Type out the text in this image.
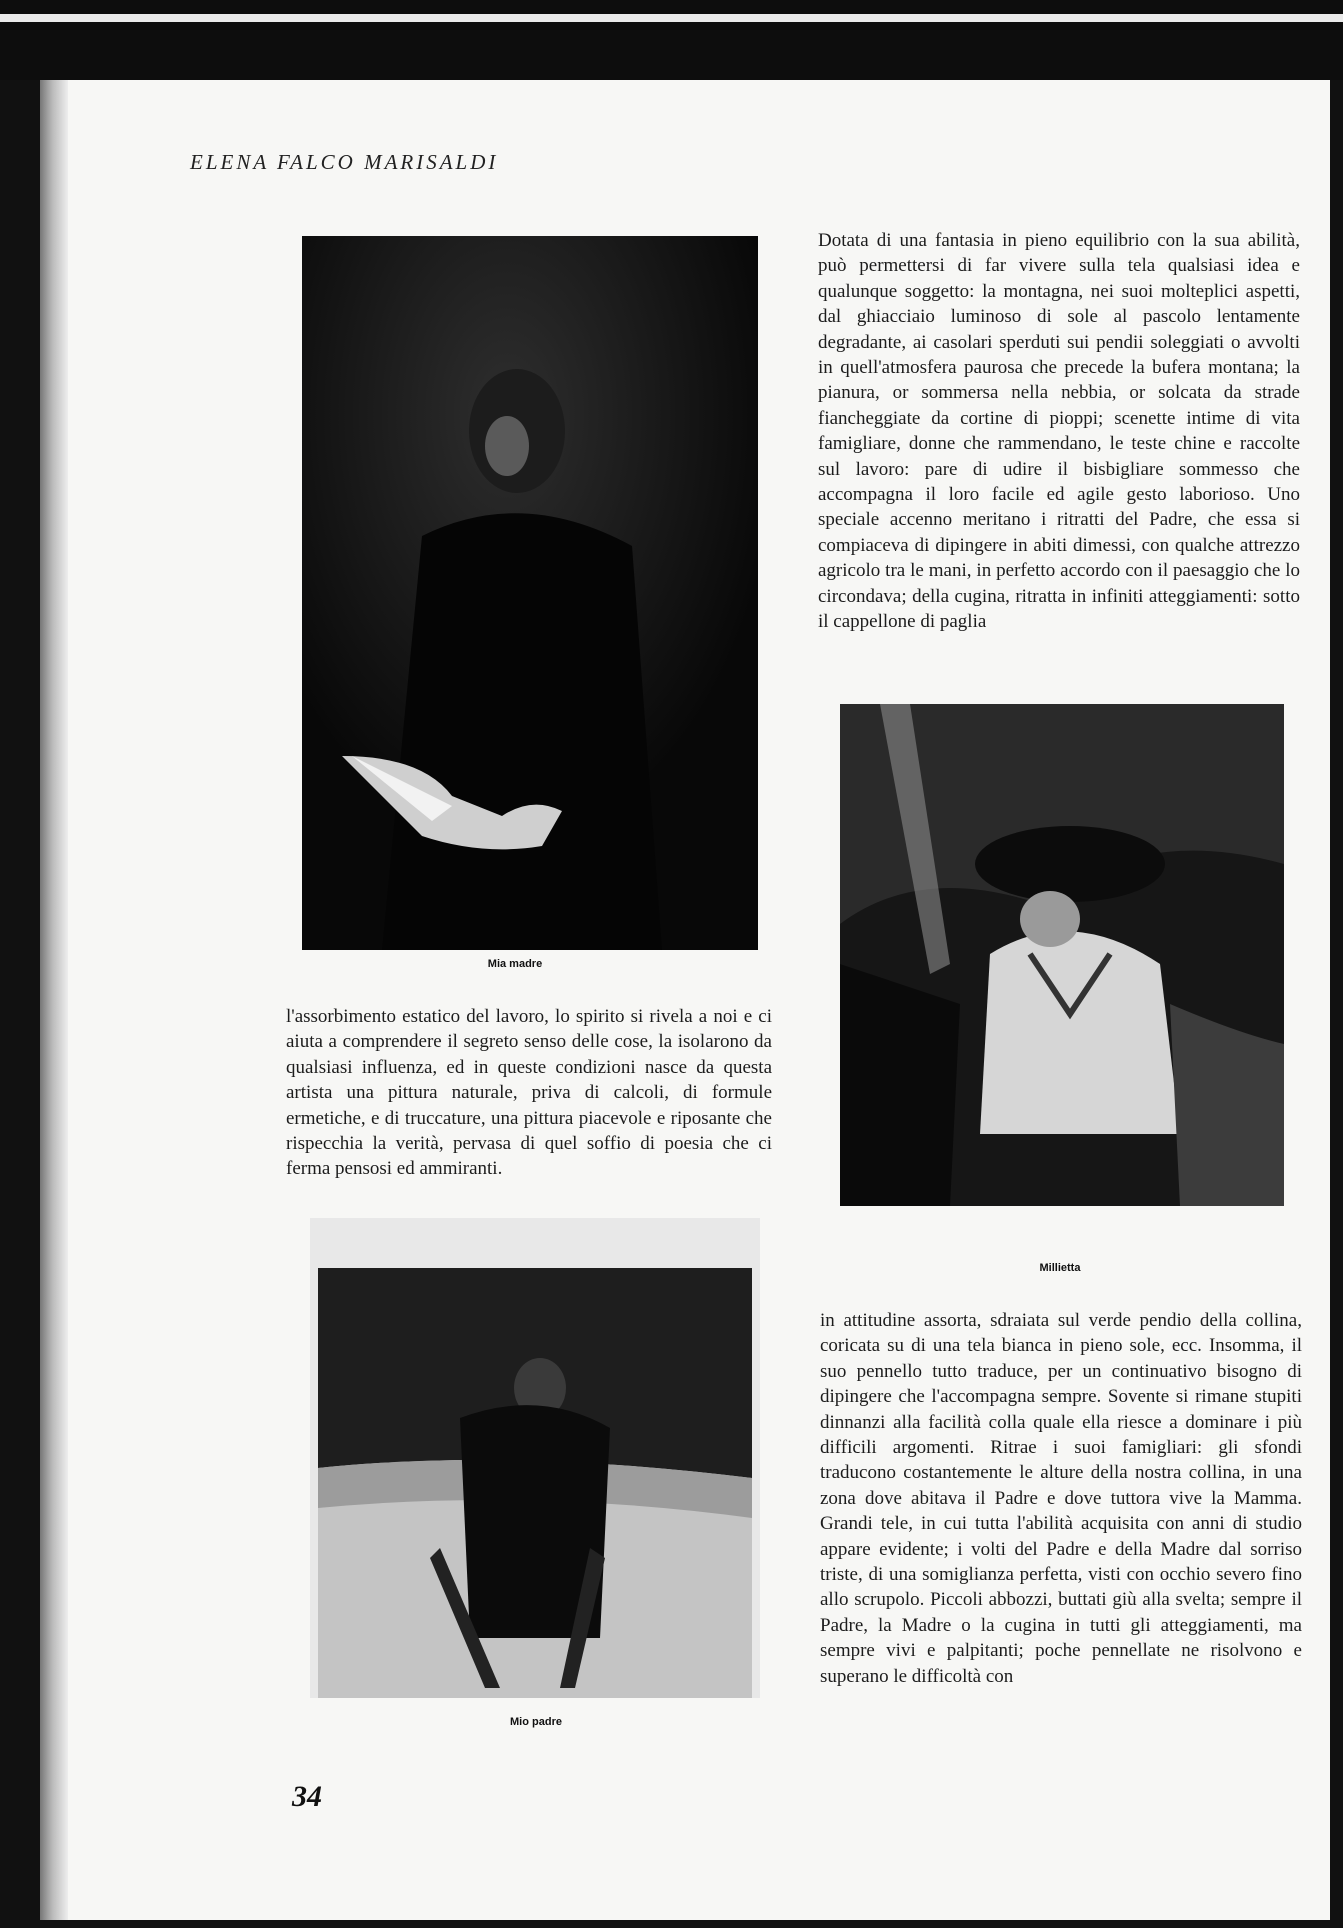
ELENA FALCO MARISALDI
Mia madre
Millietta
Mio padre

Dotata di una fantasia in pieno equilibrio con la sua abilità, può permettersi di far vivere sulla tela qualsiasi idea e qualunque soggetto: la montagna, nei suoi molteplici aspetti, dal ghiacciaio luminoso di sole al pascolo lentamente degradante, ai casolari sperduti sui pendii soleggiati o avvolti in quell'atmosfera paurosa che precede la bufera montana; la pianura, or sommersa nella nebbia, or solcata da strade fiancheggiate da cortine di pioppi; scenette intime di vita famigliare, donne che rammendano, le teste chine e raccolte sul lavoro: pare di udire il bisbigliare sommesso che accompagna il loro facile ed agile gesto laborioso. Uno speciale accenno meritano i ritratti del Padre, che essa si compiaceva di dipingere in abiti dimessi, con qualche attrezzo agricolo tra le mani, in perfetto accordo con il paesaggio che lo circondava; della cugina, ritratta in infiniti atteggiamenti: sotto il cappellone di paglia

l'assorbimento estatico del lavoro, lo spirito si rivela a noi e ci aiuta a comprendere il segreto senso delle cose, la isolarono da qualsiasi influenza, ed in queste condizioni nasce da questa artista una pittura naturale, priva di calcoli, di formule ermetiche, e di truccature, una pittura piacevole e riposante che rispecchia la verità, pervasa di quel soffio di poesia che ci ferma pensosi ed ammiranti.

in attitudine assorta, sdraiata sul verde pendio della collina, coricata su di una tela bianca in pieno sole, ecc. Insomma, il suo pennello tutto traduce, per un continuativo bisogno di dipingere che l'accompagna sempre. Sovente si rimane stupiti dinnanzi alla facilità colla quale ella riesce a dominare i più difficili argomenti. Ritrae i suoi famigliari: gli sfondi traducono costantemente le alture della nostra collina, in una zona dove abitava il Padre e dove tuttora vive la Mamma. Grandi tele, in cui tutta l'abilità acquisita con anni di studio appare evidente; i volti del Padre e della Madre dal sorriso triste, di una somiglianza perfetta, visti con occhio severo fino allo scrupolo. Piccoli abbozzi, buttati giù alla svelta; sempre il Padre, la Madre o la cugina in tutti gli atteggiamenti, ma sempre vivi e palpitanti; poche pennellate ne risolvono e superano le difficoltà con

34
